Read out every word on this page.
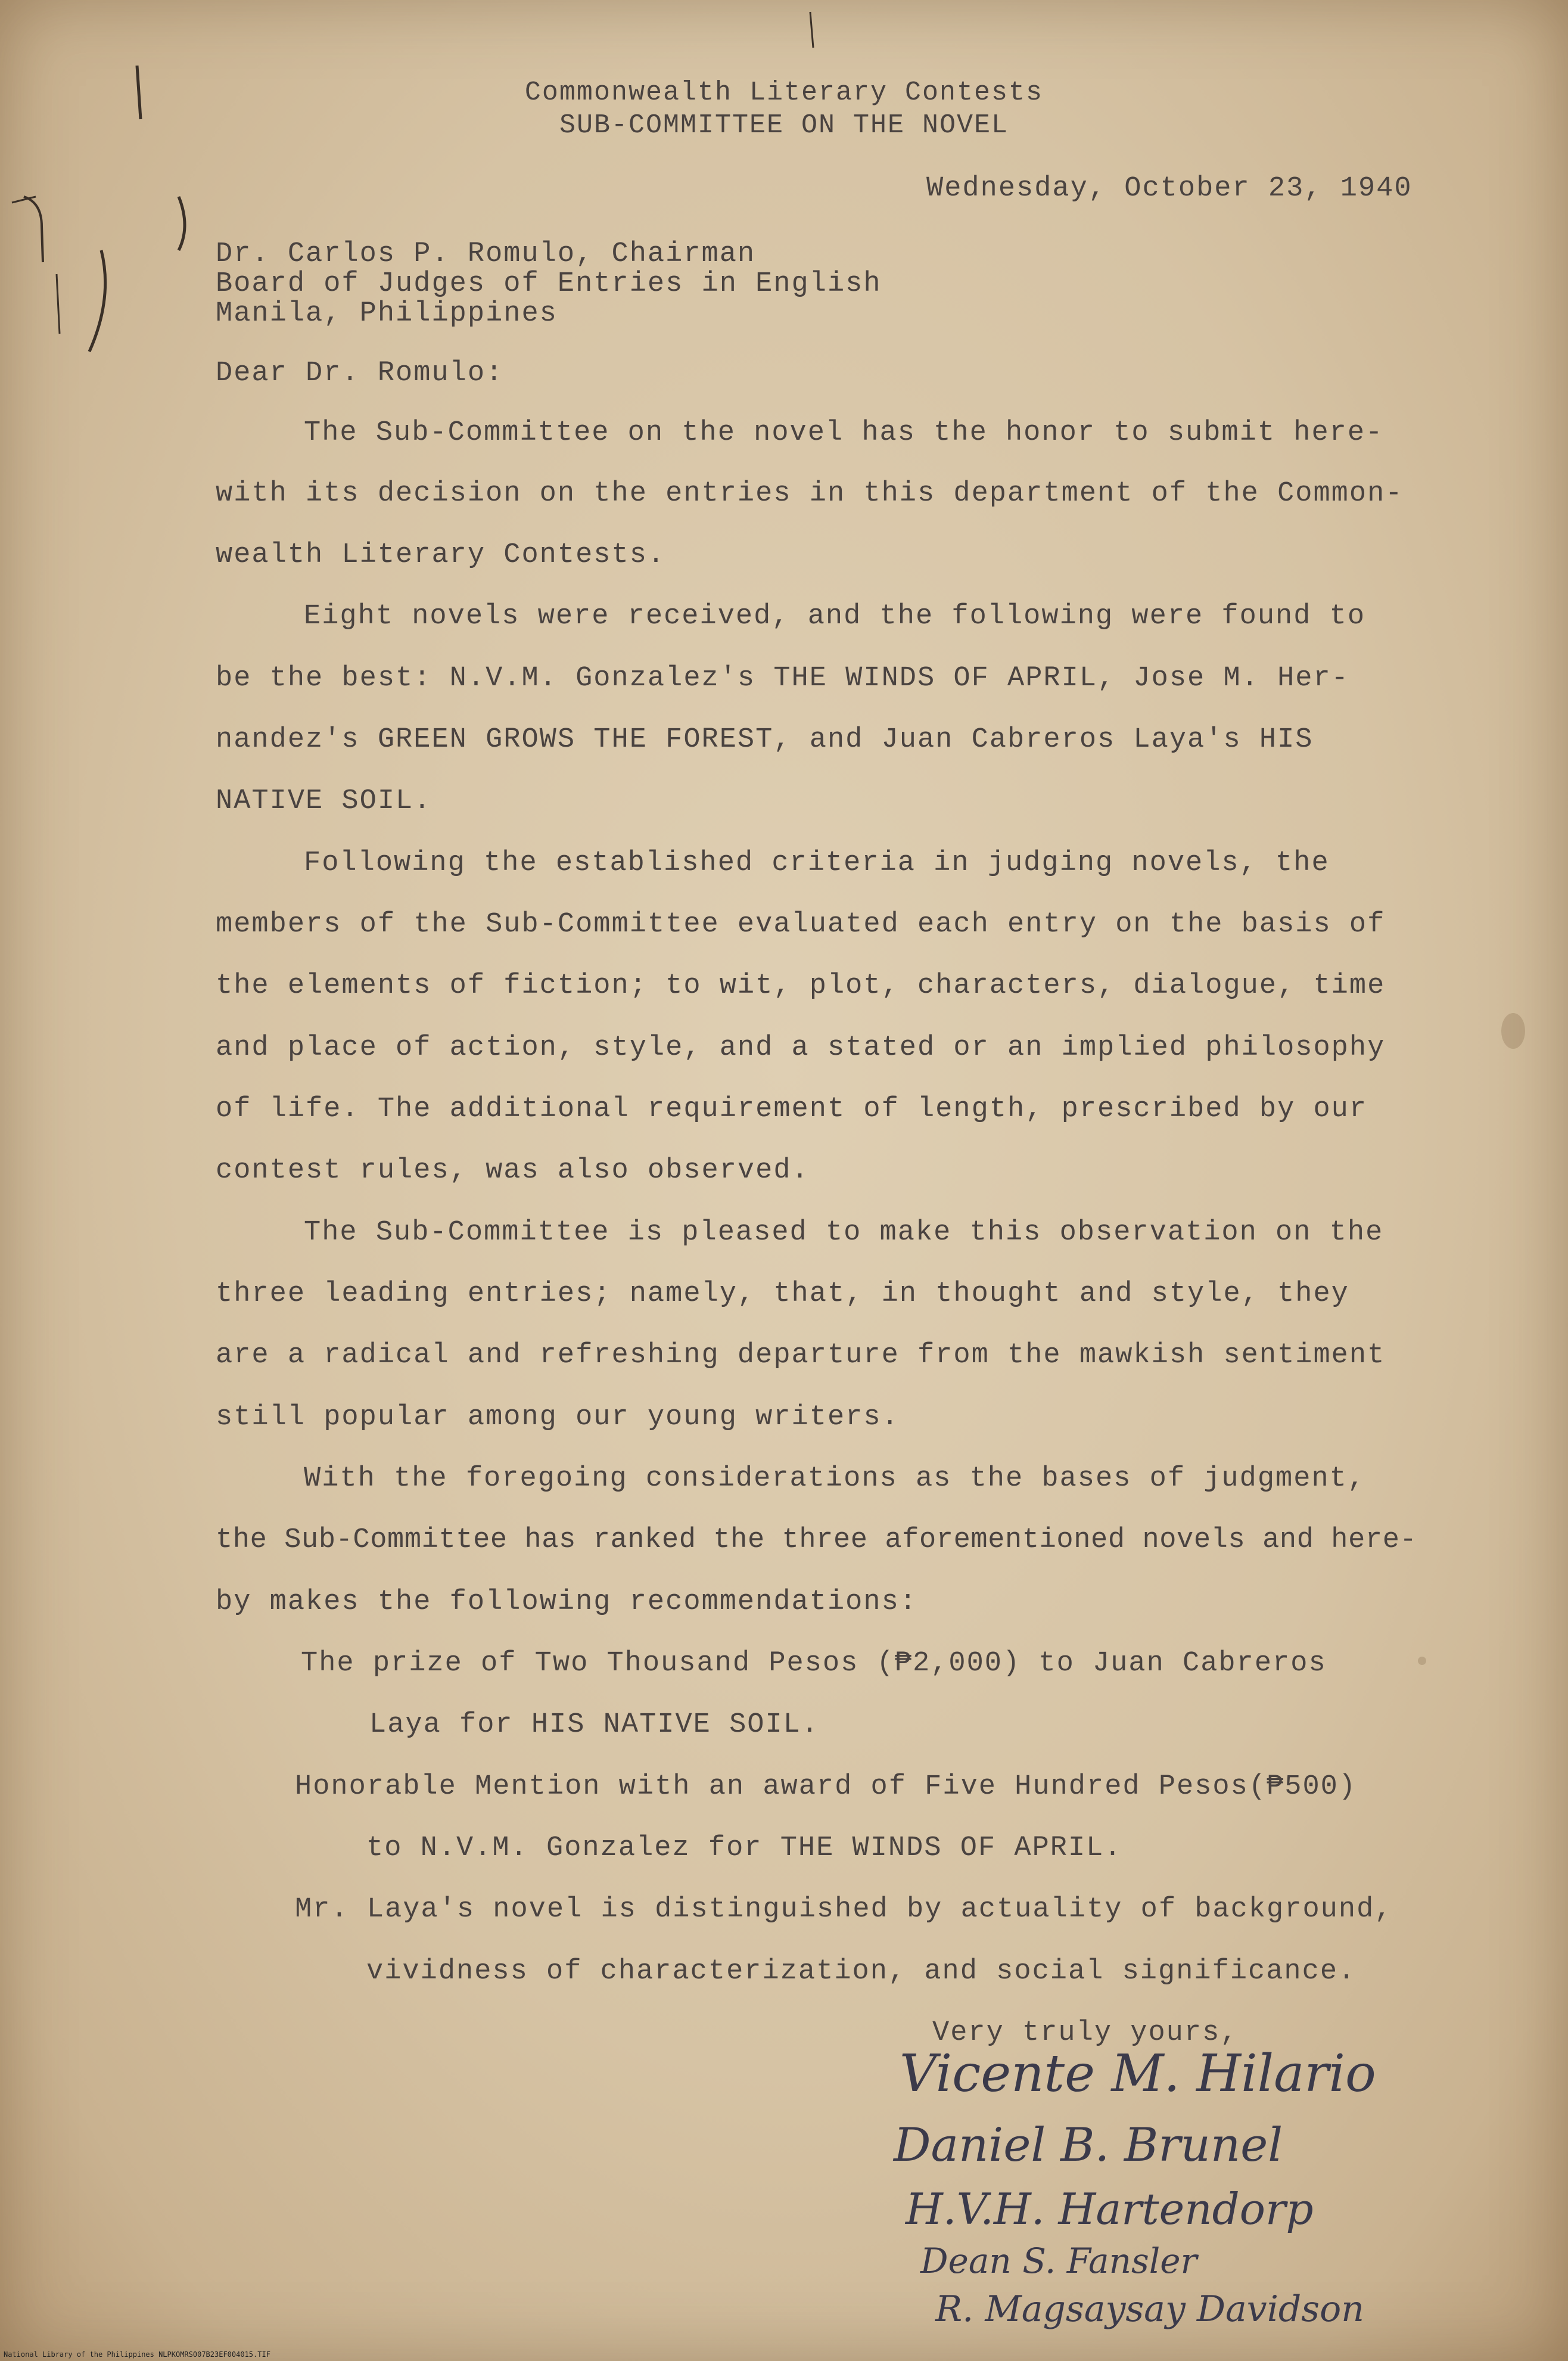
Commonwealth Literary Contests
SUB-COMMITTEE ON THE NOVEL
Wednesday, October 23, 1940
Dr. Carlos P. Romulo, Chairman
Board of Judges of Entries in English
Manila, Philippines
Dear Dr. Romulo:
The Sub-Committee on the novel has the honor to submit here-
with its decision on the entries in this department of the Common-
wealth Literary Contests.
Eight novels were received, and the following were found to
be the best: N.V.M. Gonzalez's THE WINDS OF APRIL, Jose M. Her-
nandez's GREEN GROWS THE FOREST, and Juan Cabreros Laya's HIS
NATIVE SOIL.
Following the established criteria in judging novels, the
members of the Sub-Committee evaluated each entry on the basis of
the elements of fiction; to wit, plot, characters, dialogue, time
and place of action, style, and a stated or an implied philosophy
of life. The additional requirement of length, prescribed by our
contest rules, was also observed.
The Sub-Committee is pleased to make this observation on the
three leading entries; namely, that, in thought and style, they
are a radical and refreshing departure from the mawkish sentiment
still popular among our young writers.
With the foregoing considerations as the bases of judgment,
the Sub-Committee has ranked the three aforementioned novels and here-
by makes the following recommendations:
The prize of Two Thousand Pesos (₱2,000) to Juan Cabreros
Laya for HIS NATIVE SOIL.
Honorable Mention with an award of Five Hundred Pesos(₱500)
to N.V.M. Gonzalez for THE WINDS OF APRIL.
Mr. Laya's novel is distinguished by actuality of background,
vividness of characterization, and social significance.
Very truly yours,
Vicente M. Hilario
Daniel B. Brunel
H.V.H. Hartendorp
Dean S. Fansler
R. Magsaysay Davidson
National Library of the Philippines NLPKOMRS007B23EF004015.TIF
